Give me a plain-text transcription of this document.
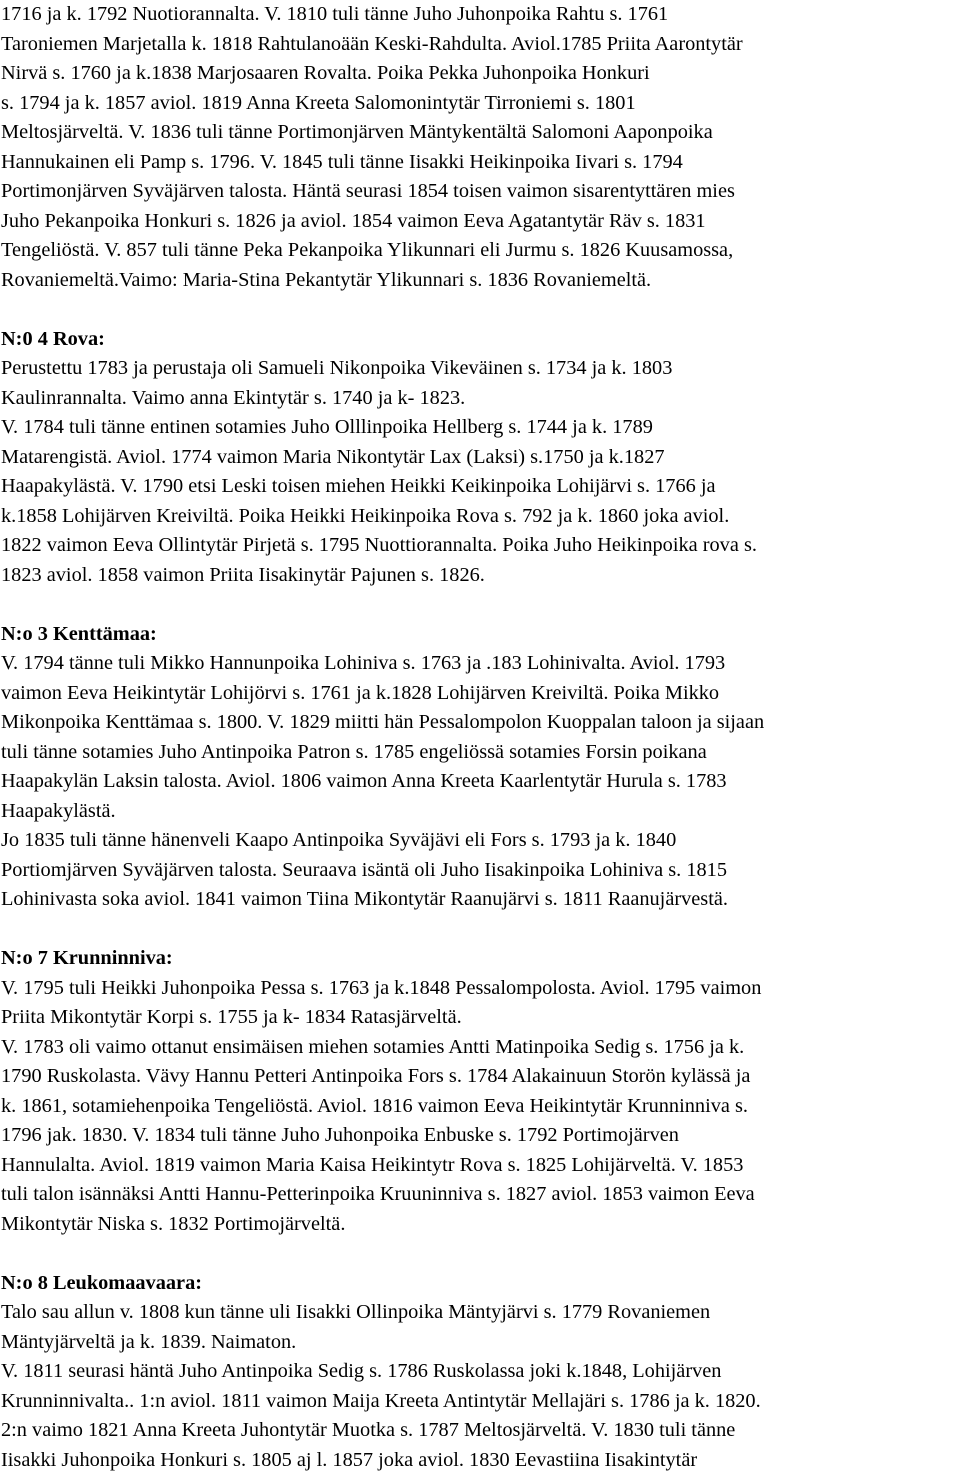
1716 ja k. 1792 Nuotiorannalta. V. 1810 tuli tänne Juho Juhonpoika Rahtu s. 1761
Taroniemen Marjetalla k. 1818 Rahtulanoään Keski-Rahdulta. Aviol.1785 Priita Aarontytär
Nirvä s. 1760 ja k.1838 Marjosaaren Rovalta. Poika Pekka Juhonpoika Honkuri
s. 1794 ja k. 1857 aviol. 1819 Anna Kreeta Salomonintytär Tirroniemi s. 1801
Meltosjärveltä. V. 1836 tuli tänne Portimonjärven Mäntykentältä Salomoni Aaponpoika
Hannukainen eli Pamp s. 1796. V. 1845 tuli tänne Iisakki Heikinpoika Iivari s. 1794
Portimonjärven Syväjärven talosta. Häntä seurasi 1854 toisen vaimon sisarentyttären mies
Juho Pekanpoika Honkuri s. 1826 ja aviol. 1854 vaimon Eeva Agatantytär Räv s. 1831
Tengeliöstä. V. 857 tuli tänne Peka Pekanpoika Ylikunnari eli Jurmu s. 1826 Kuusamossa,
Rovaniemeltä.Vaimo: Maria-Stina Pekantytär Ylikunnari s. 1836 Rovaniemeltä.
N:0 4 Rova:
Perustettu 1783 ja perustaja oli Samueli Nikonpoika Vikeväinen s. 1734 ja k. 1803
Kaulinrannalta. Vaimo anna Ekintytär s. 1740 ja k- 1823.
V. 1784 tuli tänne entinen sotamies Juho Olllinpoika Hellberg s. 1744 ja k. 1789
Matarengistä. Aviol. 1774 vaimon Maria Nikontytär Lax (Laksi) s.1750 ja k.1827
Haapakylästä. V. 1790 etsi Leski toisen miehen Heikki Keikinpoika Lohijärvi s. 1766 ja
k.1858 Lohijärven Kreiviltä. Poika Heikki Heikinpoika Rova s. 792 ja k. 1860 joka aviol.
1822 vaimon Eeva Ollintytär Pirjetä s. 1795 Nuottiorannalta. Poika Juho Heikinpoika rova s.
1823 aviol. 1858 vaimon Priita Iisakinytär Pajunen s. 1826.
N:o 3 Kenttämaa:
V. 1794 tänne tuli Mikko Hannunpoika Lohiniva s. 1763 ja .183 Lohinivalta. Aviol. 1793
vaimon Eeva Heikintytär Lohijörvi s. 1761 ja k.1828 Lohijärven Kreiviltä. Poika Mikko
Mikonpoika Kenttämaa s. 1800. V. 1829 miitti hän Pessalompolon Kuoppalan taloon ja sijaan
tuli tänne sotamies Juho Antinpoika Patron s. 1785 engeliössä sotamies Forsin poikana
Haapakylän Laksin talosta. Aviol. 1806 vaimon Anna Kreeta Kaarlentytär Hurula s. 1783
Haapakylästä.
Jo 1835 tuli tänne hänenveli Kaapo Antinpoika Syväjävi eli Fors s. 1793 ja k. 1840
Portiomjärven Syväjärven talosta. Seuraava isäntä oli Juho Iisakinpoika Lohiniva s. 1815
Lohinivasta soka aviol. 1841 vaimon Tiina Mikontytär Raanujärvi s. 1811 Raanujärvestä.
N:o 7 Krunninniva:
V. 1795 tuli Heikki Juhonpoika Pessa s. 1763 ja k.1848 Pessalompolosta. Aviol. 1795 vaimon
Priita Mikontytär Korpi s. 1755 ja k- 1834 Ratasjärveltä.
V. 1783 oli vaimo ottanut ensimäisen miehen sotamies Antti Matinpoika Sedig s. 1756 ja k.
1790 Ruskolasta. Vävy Hannu Petteri Antinpoika Fors s. 1784 Alakainuun Storön kylässä ja
k. 1861, sotamiehenpoika Tengeliöstä. Aviol. 1816 vaimon Eeva Heikintytär Krunninniva s.
1796 jak. 1830. V. 1834 tuli tänne Juho Juhonpoika Enbuske s. 1792 Portimojärven
Hannulalta. Aviol. 1819 vaimon Maria Kaisa Heikintytr Rova s. 1825 Lohijärveltä. V. 1853
tuli talon isännäksi Antti Hannu-Petterinpoika Kruuninniva s. 1827 aviol. 1853 vaimon Eeva
Mikontytär Niska s. 1832 Portimojärveltä.
N:o 8 Leukomaavaara:
Talo sau allun v. 1808 kun tänne uli Iisakki Ollinpoika Mäntyjärvi s. 1779 Rovaniemen
Mäntyjärveltä ja k. 1839. Naimaton.
V. 1811 seurasi häntä Juho Antinpoika Sedig s. 1786 Ruskolassa joki k.1848, Lohijärven
Krunninnivalta.. 1:n aviol. 1811 vaimon Maija Kreeta Antintytär Mellajäri s. 1786 ja k. 1820.
2:n vaimo 1821 Anna Kreeta Juhontytär Muotka s. 1787 Meltosjärveltä. V. 1830 tuli tänne
Iisakki Juhonpoika Honkuri s. 1805 aj l. 1857 joka aviol. 1830 Eevastiina Iisakintytär
